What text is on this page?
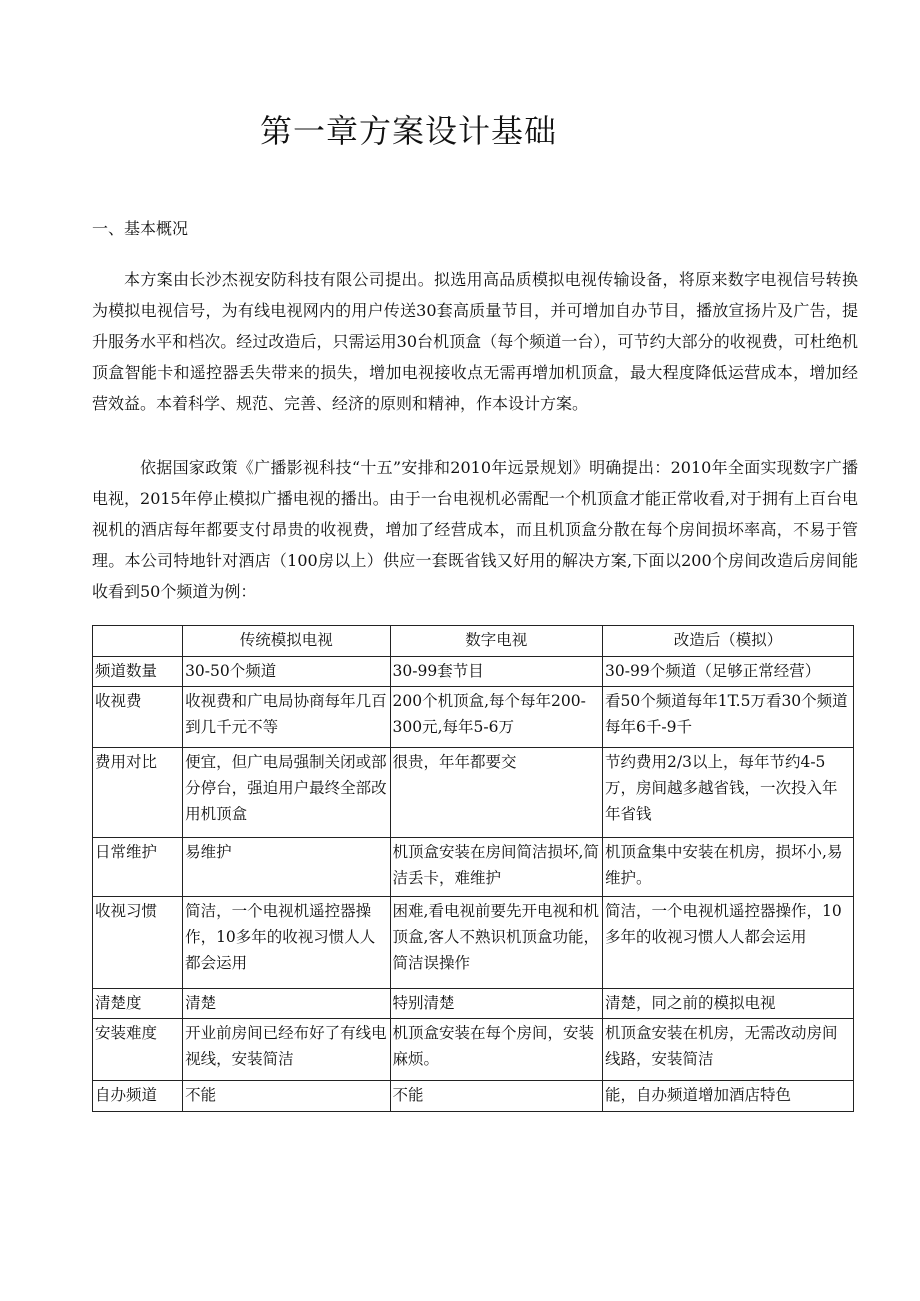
第一章方案设计基础
一、基本概况
本方案由长沙杰视安防科技有限公司提出。拟选用高品质模拟电视传输设备，将原来数字电视信号转换为模拟电视信号，为有线电视网内的用户传送30套高质量节目，并可增加自办节目，播放宣扬片及广告，提升服务水平和档次。经过改造后，只需运用30台机顶盒（每个频道一台），可节约大部分的收视费，可杜绝机顶盒智能卡和遥控器丢失带来的损失，增加电视接收点无需再增加机顶盒，最大程度降低运营成本，增加经营效益。本着科学、规范、完善、经济的原则和精神，作本设计方案。
依据国家政策《广播影视科技“十五”安排和2010年远景规划》明确提出：2010年全面实现数字广播电视，2015年停止模拟广播电视的播出。由于一台电视机必需配一个机顶盒才能正常收看,对于拥有上百台电视机的酒店每年都要支付昂贵的收视费，增加了经营成本，而且机顶盒分散在每个房间损坏率高，不易于管理。本公司特地针对酒店（100房以上）供应一套既省钱又好用的解决方案,下面以200个房间改造后房间能收看到50个频道为例：
	传统模拟电视	数字电视	改造后（模拟）
频道数量	30-50个频道	30-99套节目	30-99个频道（足够正常经营）
收视费	收视费和广电局协商每年几百到几千元不等	200个机顶盒,每个每年200-300元,每年5-6万	看50个频道每年1T.5万看30个频道每年6千-9千
费用对比	便宜，但广电局强制关闭或部分停台，强迫用户最终全部改用机顶盒	很贵，年年都要交	节约费用2/3以上，每年节约4-5万，房间越多越省钱，一次投入年年省钱
日常维护	易维护	机顶盒安装在房间简洁损坏,简洁丢卡，难维护	机顶盒集中安装在机房，损坏小,易维护。
收视习惯	简洁，一个电视机遥控器操作，10多年的收视习惯人人都会运用	困难,看电视前要先开电视和机顶盒,客人不熟识机顶盒功能，简洁误操作	简洁，一个电视机遥控器操作，10多年的收视习惯人人都会运用
清楚度	清楚	特别清楚	清楚，同之前的模拟电视
安装难度	开业前房间已经布好了有线电视线，安装简洁	机顶盒安装在每个房间，安装麻烦。	机顶盒安装在机房，无需改动房间线路，安装简洁
自办频道	不能	不能	能，自办频道增加酒店特色
